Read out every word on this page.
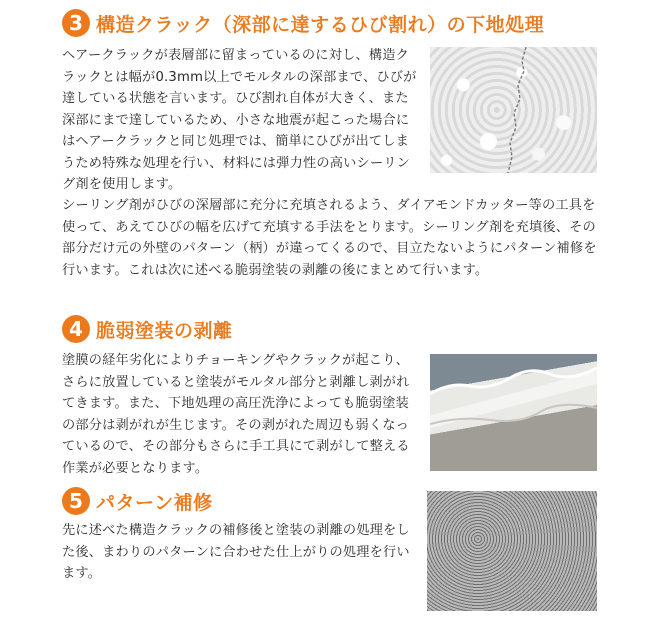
3 構造クラック（深部に達するひび割れ）の下地処理
ヘアークラックが表層部に留まっているのに対し、構造クラックとは幅が0.3mm以上でモルタルの深部まで、ひびが達している状態を言います。ひび割れ自体が大きく、また深部にまで達しているため、小さな地震が起こった場合にはヘアークラックと同じ処理では、簡単にひびが出てしまうため特殊な処理を行い、材料には弾力性の高いシーリング剤を使用します。
シーリング剤がひびの深層部に充分に充填されるよう、ダイアモンドカッター等の工具を使って、あえてひびの幅を広げて充填する手法をとります。シーリング剤を充填後、その部分だけ元の外壁のパターン（柄）が違ってくるので、目立たないようにパターン補修を行います。これは次に述べる脆弱塗装の剥離の後にまとめて行います。
4 脆弱塗装の剥離
塗膜の経年劣化によりチョーキングやクラックが起こり、さらに放置していると塗装がモルタル部分と剥離し剥がれてきます。また、下地処理の高圧洗浄によっても脆弱塗装の部分は剥がれが生じます。その剥がれた周辺も弱くなっているので、その部分もさらに手工具にて剥がして整える作業が必要となります。
5 パターン補修
先に述べた構造クラックの補修後と塗装の剥離の処理をした後、まわりのパターンに合わせた仕上がりの処理を行います。
